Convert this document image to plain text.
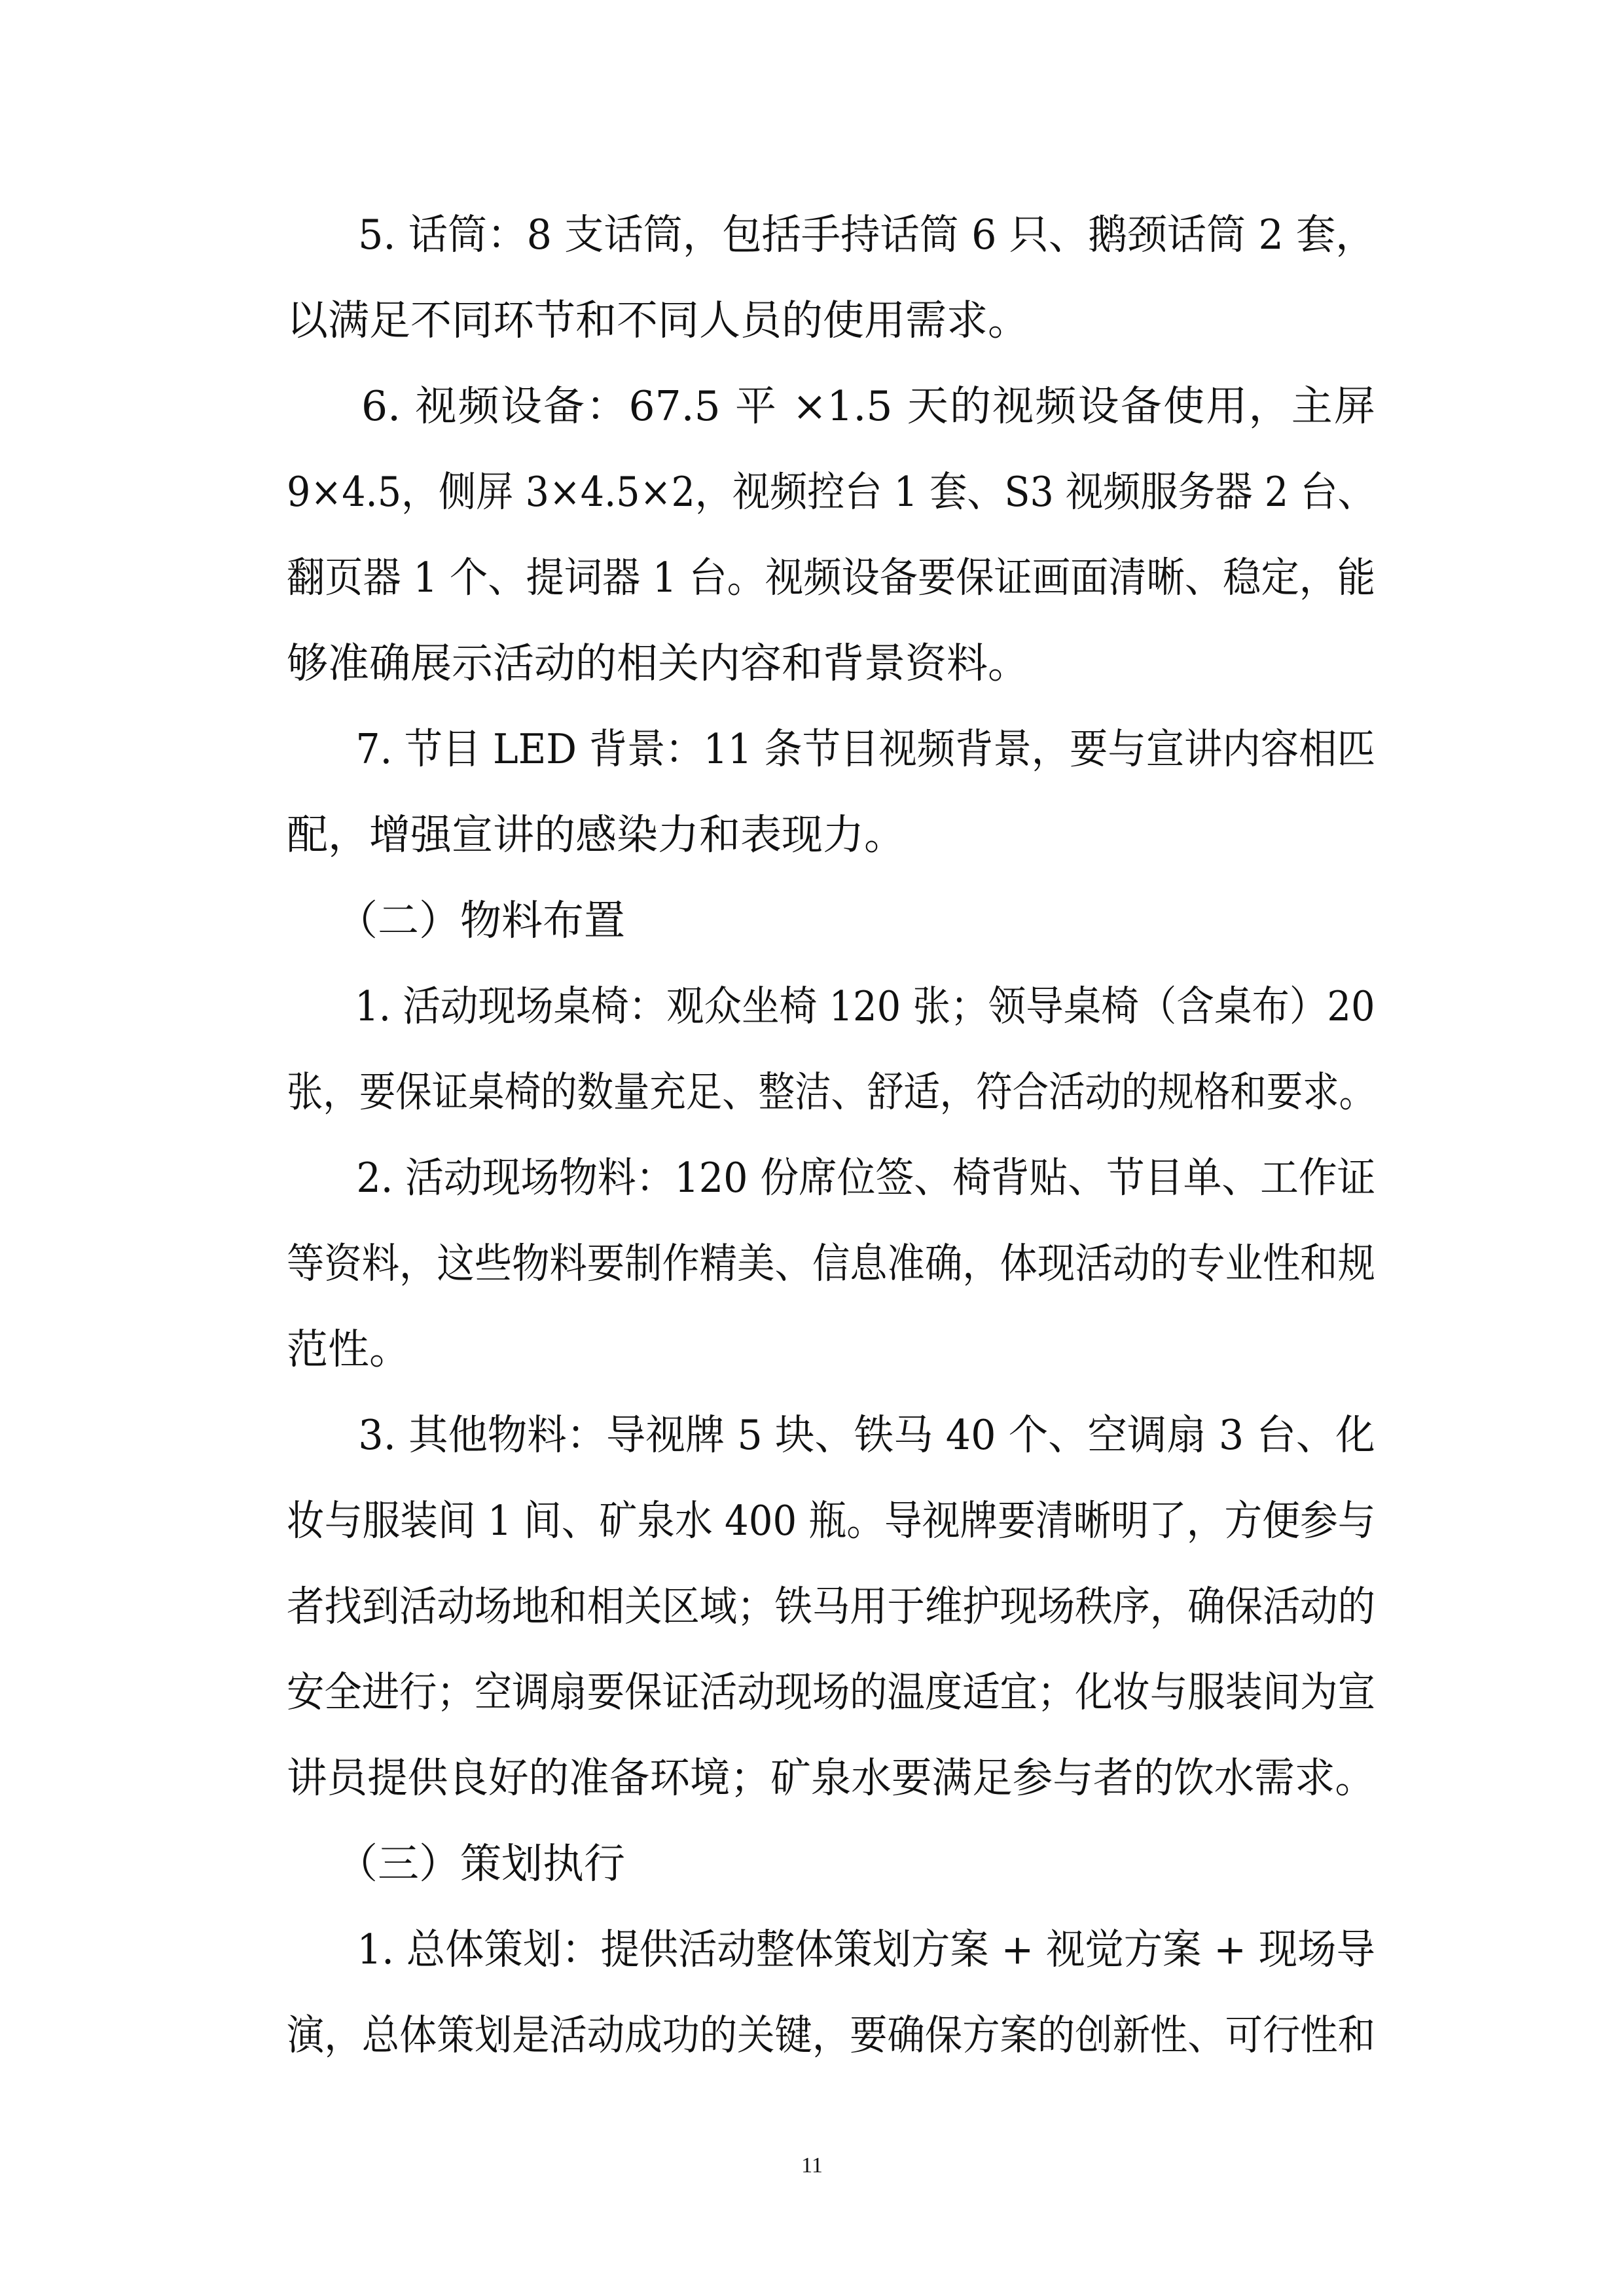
5. 话筒：8 支话筒，包括手持话筒 6 只、鹅颈话筒 2 套，
以满足不同环节和不同人员的使用需求。
6. 视频设备：67.5 平 ×1.5 天的视频设备使用，主屏
9×4.5，侧屏 3×4.5×2，视频控台 1 套、S3 视频服务器 2 台、
翻页器 1 个、提词器 1 台。视频设备要保证画面清晰、稳定，能
够准确展示活动的相关内容和背景资料。
7. 节目 LED 背景：11 条节目视频背景，要与宣讲内容相匹
配，增强宣讲的感染力和表现力。
（二）物料布置
1. 活动现场桌椅：观众坐椅 120 张；领导桌椅（含桌布）20
张，要保证桌椅的数量充足、整洁、舒适，符合活动的规格和要求。
2. 活动现场物料：120 份席位签、椅背贴、节目单、工作证
等资料，这些物料要制作精美、信息准确，体现活动的专业性和规
范性。
3. 其他物料：导视牌 5 块、铁马 40 个、空调扇 3 台、化
妆与服装间 1 间、矿泉水 400 瓶。导视牌要清晰明了，方便参与
者找到活动场地和相关区域；铁马用于维护现场秩序，确保活动的
安全进行；空调扇要保证活动现场的温度适宜；化妆与服装间为宣
讲员提供良好的准备环境；矿泉水要满足参与者的饮水需求。
（三）策划执行
1. 总体策划：提供活动整体策划方案 + 视觉方案 + 现场导
演，总体策划是活动成功的关键，要确保方案的创新性、可行性和
11
